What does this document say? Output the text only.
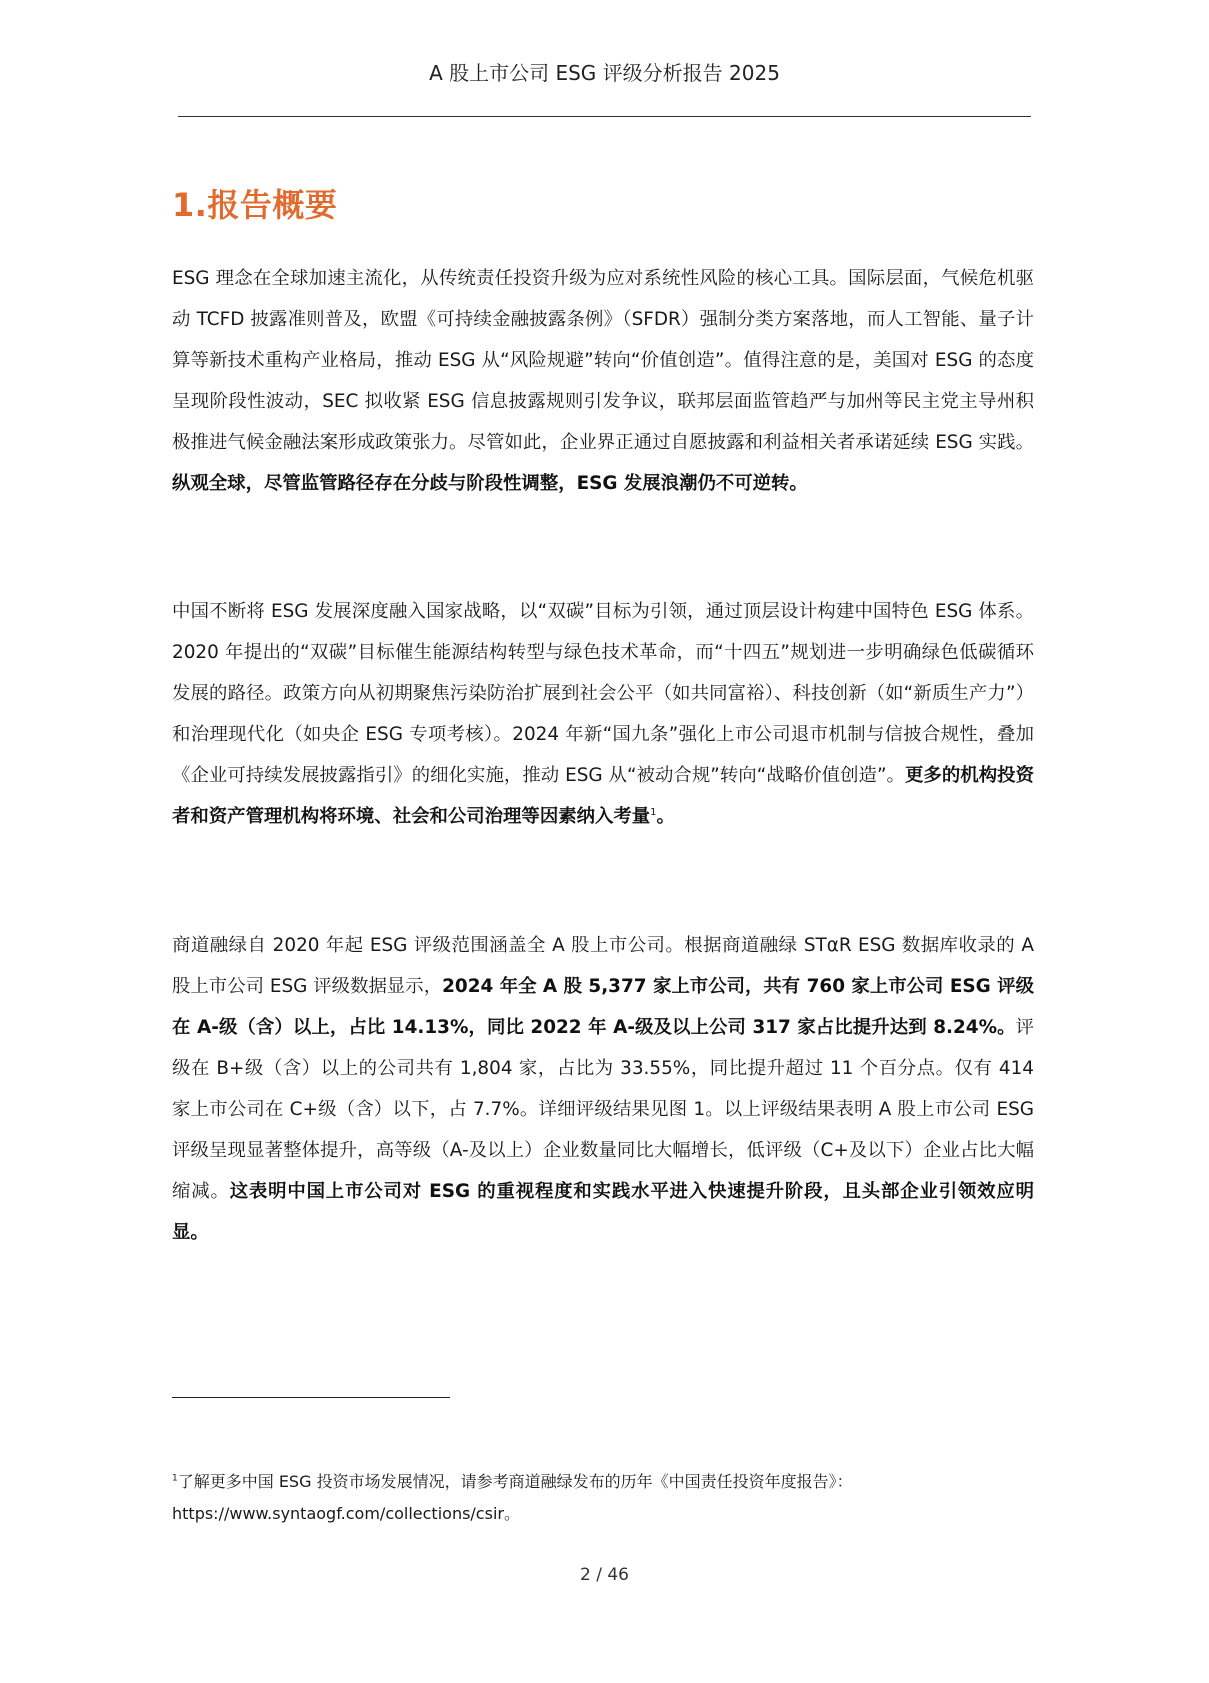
A 股上市公司 ESG 评级分析报告 2025
1.报告概要

ESG 理念在全球加速主流化，从传统责任投资升级为应对系统性风险的核心工具。国际层面，气候危机驱动 TCFD 披露准则普及，欧盟《可持续金融披露条例》（SFDR）强制分类方案落地，而人工智能、量子计算等新技术重构产业格局，推动 ESG 从“风险规避”转向“价值创造”。值得注意的是，美国对 ESG 的态度呈现阶段性波动，SEC 拟收紧 ESG 信息披露规则引发争议，联邦层面监管趋严与加州等民主党主导州积极推进气候金融法案形成政策张力。尽管如此，企业界正通过自愿披露和利益相关者承诺延续 ESG 实践。纵观全球，尽管监管路径存在分歧与阶段性调整，ESG 发展浪潮仍不可逆转。

中国不断将 ESG 发展深度融入国家战略，以“双碳”目标为引领，通过顶层设计构建中国特色 ESG 体系。2020 年提出的“双碳”目标催生能源结构转型与绿色技术革命，而“十四五”规划进一步明确绿色低碳循环发展的路径。政策方向从初期聚焦污染防治扩展到社会公平（如共同富裕）、科技创新（如“新质生产力”）和治理现代化（如央企 ESG 专项考核）。2024 年新“国九条”强化上市公司退市机制与信披合规性，叠加《企业可持续发展披露指引》的细化实施，推动 ESG 从“被动合规”转向“战略价值创造”。更多的机构投资者和资产管理机构将环境、社会和公司治理等因素纳入考量$^1$。

商道融绿自 2020 年起 ESG 评级范围涵盖全 A 股上市公司。根据商道融绿 STαR ESG 数据库收录的 A 股上市公司 ESG 评级数据显示，2024 年全 A 股 5,377 家上市公司，共有 760 家上市公司 ESG 评级在 A-级（含）以上，占比 14.13%，同比 2022 年 A-级及以上公司 317 家占比提升达到 8.24%。评级在 B+级（含）以上的公司共有 1,804 家，占比为 33.55%，同比提升超过 11 个百分点。仅有 414 家上市公司在 C+级（含）以下，占 7.7%。详细评级结果见图 1。以上评级结果表明 A 股上市公司 ESG 评级呈现显著整体提升，高等级（A-及以上）企业数量同比大幅增长，低评级（C+及以下）企业占比大幅缩减。这表明中国上市公司对 ESG 的重视程度和实践水平进入快速提升阶段，且头部企业引领效应明显。

$^1$了解更多中国 ESG 投资市场发展情况，请参考商道融绿发布的历年《中国责任投资年度报告》：
https://www.syntaogf.com/collections/csir。
2 / 46
